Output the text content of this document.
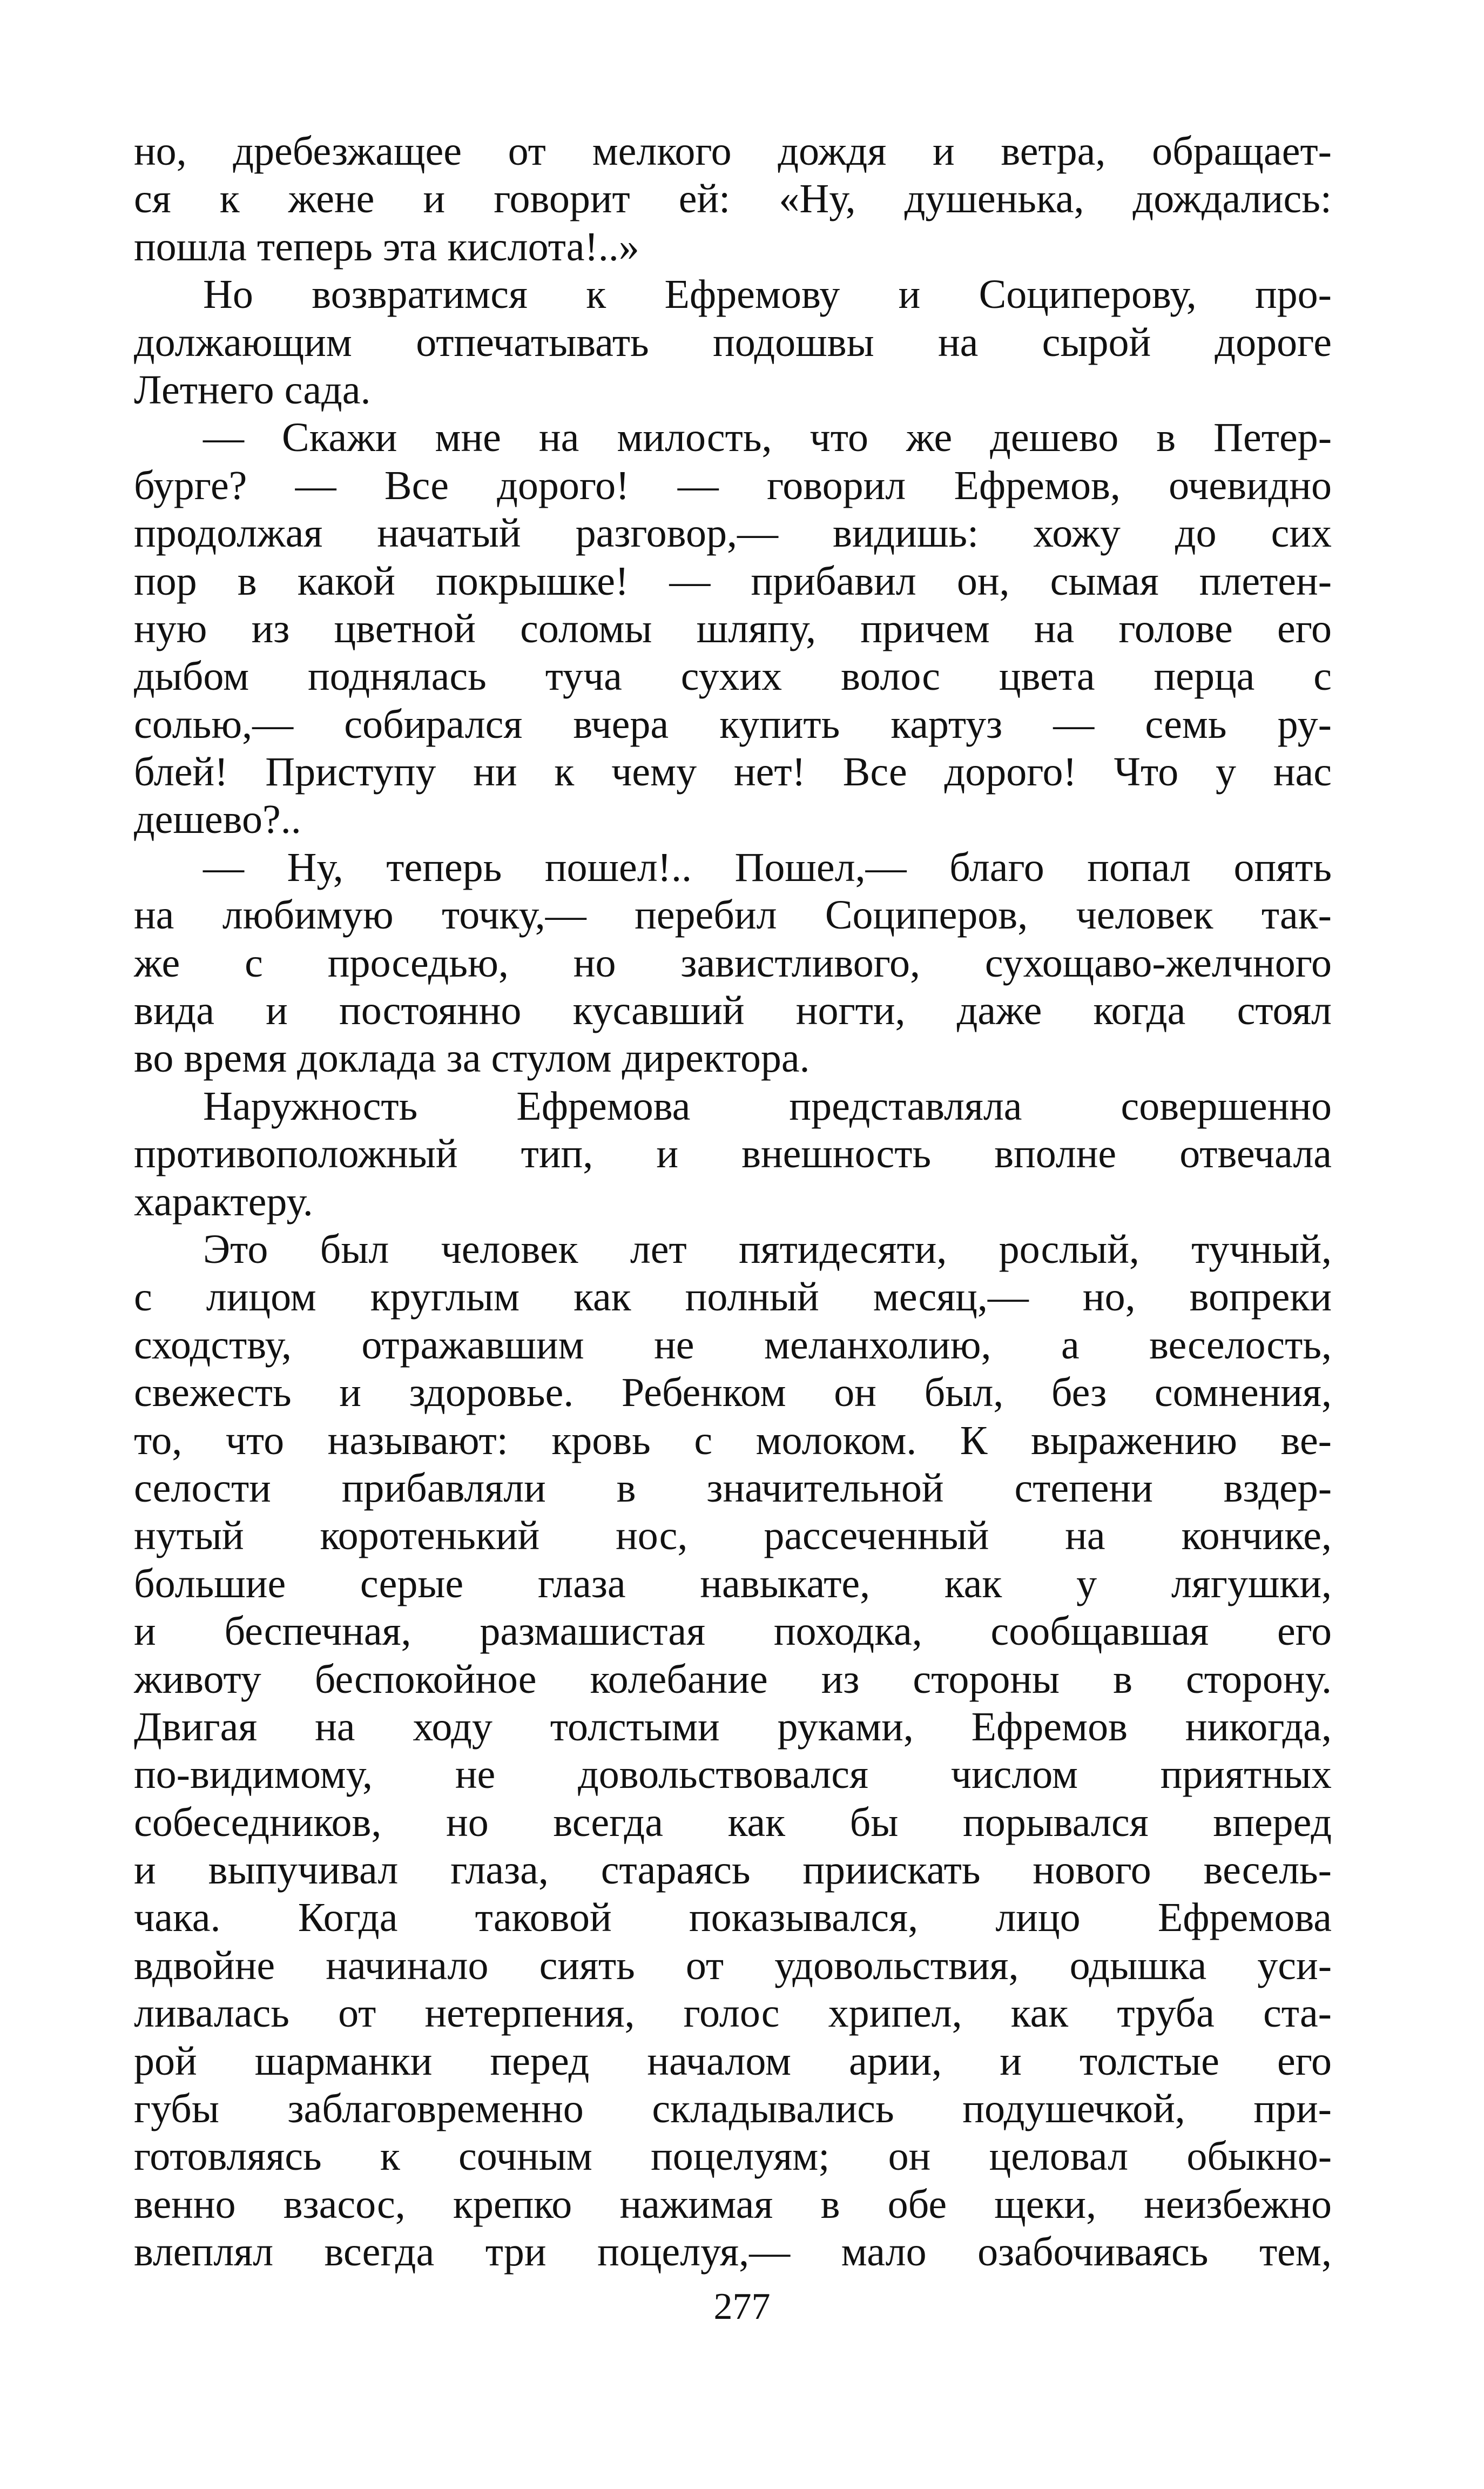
но, дребезжащее от мелкого дождя и ветра, обращает-
ся к жене и говорит ей: «Ну, душенька, дождались:
пошла теперь эта кислота!..»

Но возвратимся к Ефремову и Социперову, про-
должающим отпечатывать подошвы на сырой дороге
Летнего сада.

— Скажи мне на милость, что же дешево в Петер-
бурге? — Все дорого! — говорил Ефремов, очевидно
продолжая начатый разговор,— видишь: хожу до сих
пор в какой покрышке! — прибавил он, сымая плетен-
ную из цветной соломы шляпу, причем на голове его
дыбом поднялась туча сухих волос цвета перца с
солью,— собирался вчера купить картуз — семь ру-
блей! Приступу ни к чему нет! Все дорого! Что у нас
дешево?..

— Ну, теперь пошел!.. Пошел,— благо попал опять
на любимую точку,— перебил Социперов, человек так-
же с проседью, но завистливого, сухощаво-желчного
вида и постоянно кусавший ногти, даже когда стоял
во время доклада за стулом директора.

Наружность Ефремова представляла совершенно
противоположный тип, и внешность вполне отвечала
характеру.

Это был человек лет пятидесяти, рослый, тучный,
с лицом круглым как полный месяц,— но, вопреки
сходству, отражавшим не меланхолию, а веселость,
свежесть и здоровье. Ребенком он был, без сомнения,
то, что называют: кровь с молоком. К выражению ве-
селости прибавляли в значительной степени вздер-
нутый коротенький нос, рассеченный на кончике,
большие серые глаза навыкате, как у лягушки,
и беспечная, размашистая походка, сообщавшая его
животу беспокойное колебание из стороны в сторону.
Двигая на ходу толстыми руками, Ефремов никогда,
по-видимому, не довольствовался числом приятных
собеседников, но всегда как бы порывался вперед
и выпучивал глаза, стараясь приискать нового весель-
чака. Когда таковой показывался, лицо Ефремова
вдвойне начинало сиять от удовольствия, одышка уси-
ливалась от нетерпения, голос хрипел, как труба ста-
рой шарманки перед началом арии, и толстые его
губы заблаговременно складывались подушечкой, при-
готовляясь к сочным поцелуям; он целовал обыкно-
венно взасос, крепко нажимая в обе щеки, неизбежно
влеплял всегда три поцелуя,— мало озабочиваясь тем,

277
